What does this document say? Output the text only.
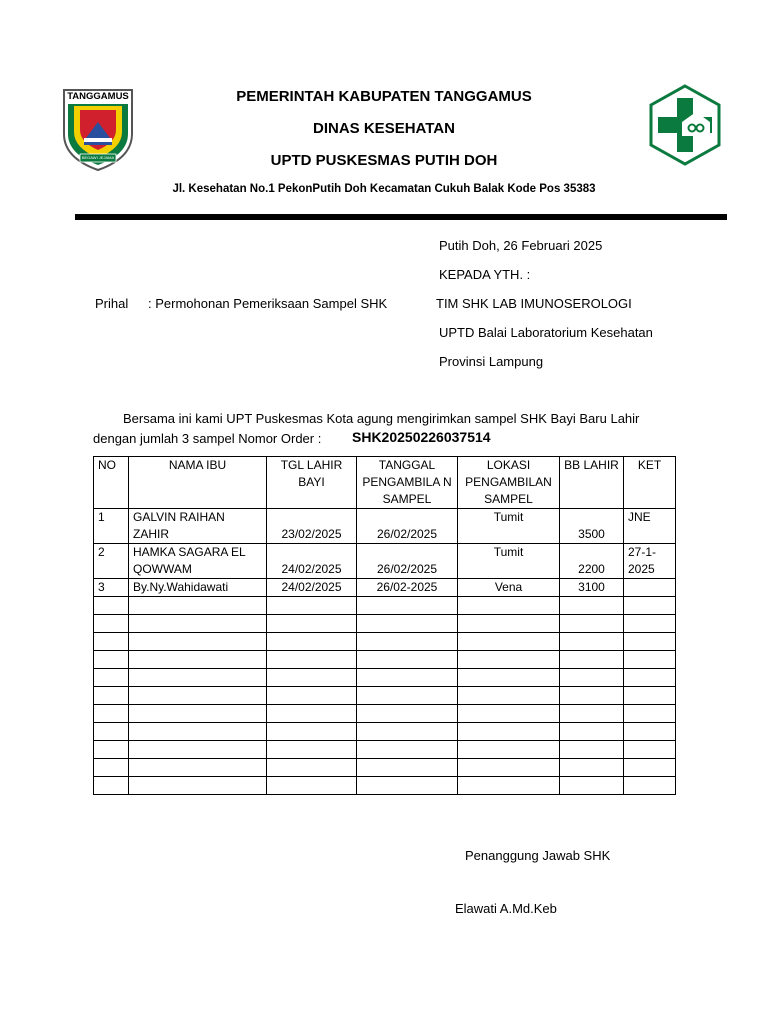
TANGGAMUS
BEGAWI JEJAMA
PEMERINTAH KABUPATEN TANGGAMUS
DINAS KESEHATAN
UPTD PUSKESMAS PUTIH DOH
Jl. Kesehatan No.1 PekonPutih Doh Kecamatan Cukuh Balak Kode Pos 35383
Putih Doh, 26 Februari 2025
KEPADA YTH. :
Prihal : Permohonan Pemeriksaan Sampel SHK	TIM SHK LAB IMUNOSEROLOGI
UPTD Balai Laboratorium Kesehatan
Provinsi Lampung
Bersama ini kami UPT Puskesmas Kota agung mengirimkan sampel SHK Bayi Baru Lahir
dengan jumlah 3 sampel Nomor Order : SHK20250226037514
NO	NAMA IBU	TGL LAHIR BAYI	TANGGAL PENGAMBILA N SAMPEL	LOKASI PENGAMBILAN SAMPEL	BB LAHIR	KET
1	GALVIN RAIHAN ZAHIR	23/02/2025	26/02/2025	Tumit	3500	JNE
2	HAMKA SAGARA EL QOWWAM	24/02/2025	26/02/2025	Tumit	2200	27-1-2025
3	By.Ny.Wahidawati	24/02/2025	26/02-2025	Vena	3100	

Penanggung Jawab SHK
Elawati A.Md.Keb
